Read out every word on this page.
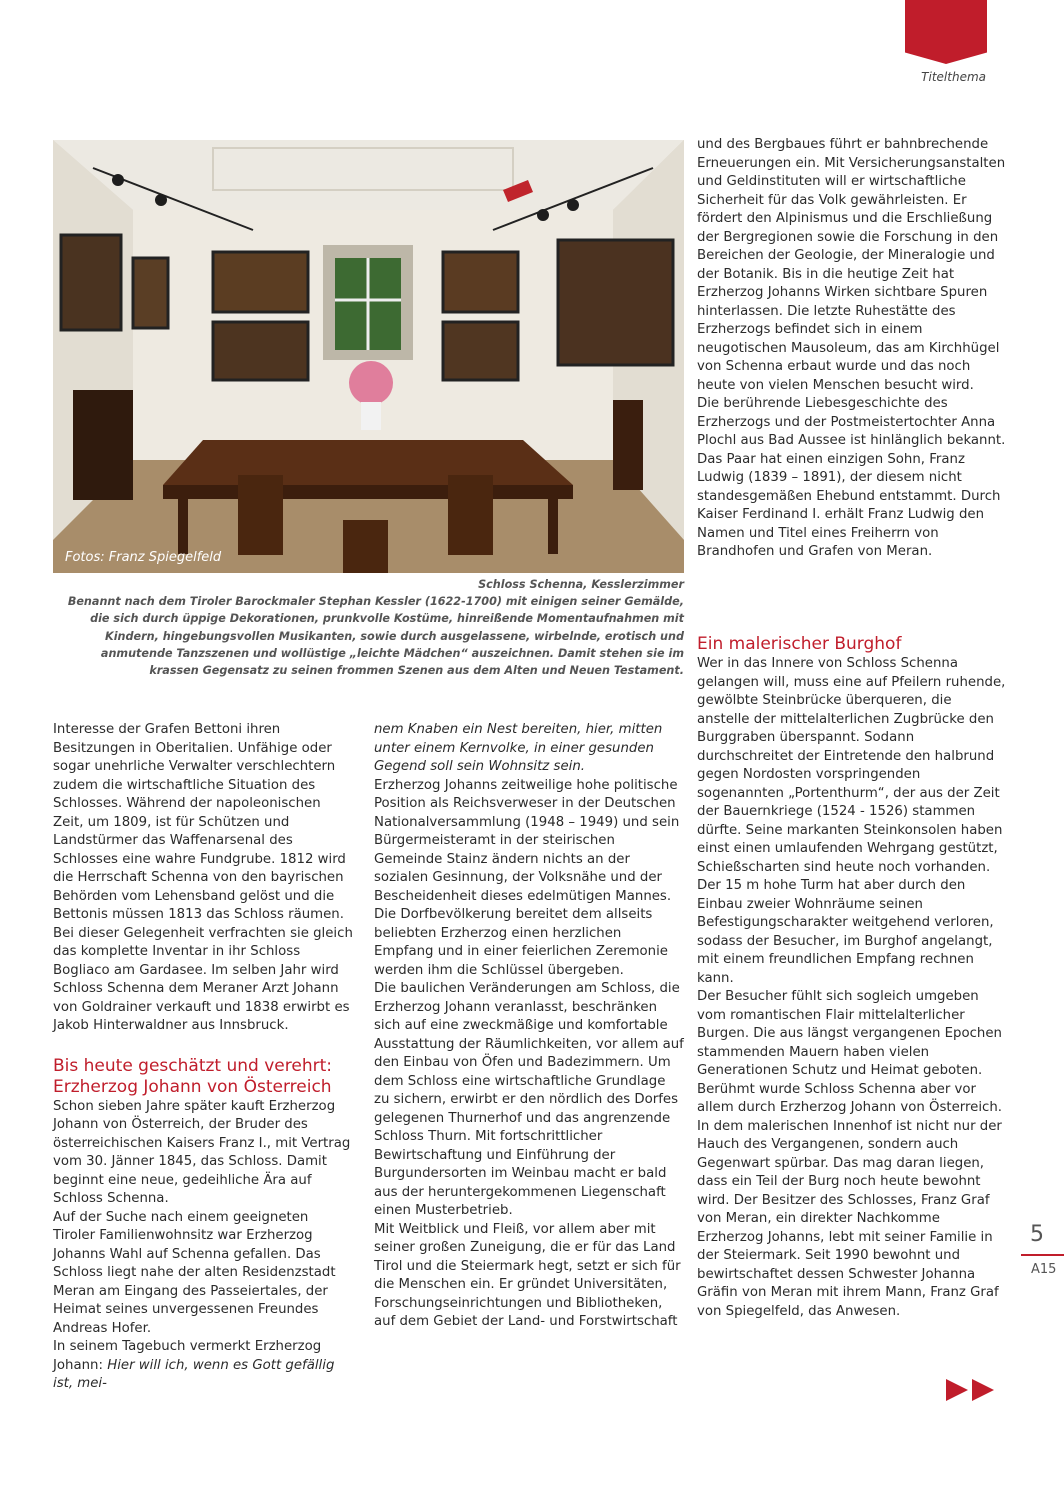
Titelthema
Fotos: Franz Spiegelfeld

Schloss Schenna, Kesslerzimmer

Benannt nach dem Tiroler Barockmaler Stephan Kessler (1622-1700) mit einigen seiner Gemälde, die sich durch üppige Dekorationen, prunkvolle Kostüme, hinreißende Momentaufnahmen mit Kindern, hingebungsvollen Musikanten, sowie durch ausgelassene, wirbelnde, erotisch und anmutende Tanzszenen und wollüstige „leichte Mädchen“ auszeichnen. Damit stehen sie im krassen Gegensatz zu seinen frommen Szenen aus dem Alten und Neuen Testament.

Interesse der Grafen Bettoni ihren Besitzungen in Oberitalien. Unfähige oder sogar unehrliche Verwalter verschlechtern zudem die wirtschaftliche Situation des Schlosses. Während der napoleonischen Zeit, um 1809, ist für Schützen und Landstürmer das Waffenarsenal des Schlosses eine wahre Fundgrube. 1812 wird die Herrschaft Schenna von den bayrischen Behörden vom Lehensband gelöst und die Bettonis müssen 1813 das Schloss räumen. Bei dieser Gelegenheit verfrachten sie gleich das komplette Inventar in ihr Schloss Bogliaco am Gardasee. Im selben Jahr wird Schloss Schenna dem Meraner Arzt Johann von Goldrainer verkauft und 1838 erwirbt es Jakob Hinterwaldner aus Innsbruck.

Bis heute geschätzt und verehrt: Erzherzog Johann von Österreich

Schon sieben Jahre später kauft Erzherzog Johann von Österreich, der Bruder des österreichischen Kaisers Franz I., mit Vertrag vom 30. Jänner 1845, das Schloss. Damit beginnt eine neue, gedeihliche Ära auf Schloss Schenna.

Auf der Suche nach einem geeigneten Tiroler Familienwohnsitz war Erzherzog Johanns Wahl auf Schenna gefallen. Das Schloss liegt nahe der alten Residenzstadt Meran am Eingang des Passeiertales, der Heimat seines unvergessenen Freundes Andreas Hofer.

In seinem Tagebuch vermerkt Erzherzog Johann: Hier will ich, wenn es Gott gefällig ist, mei-

nem Knaben ein Nest bereiten, hier, mitten unter einem Kernvolke, in einer gesunden Gegend soll sein Wohnsitz sein.

Erzherzog Johanns zeitweilige hohe politische Position als Reichsverweser in der Deutschen Nationalversammlung (1948 – 1949) und sein Bürgermeisteramt in der steirischen Gemeinde Stainz ändern nichts an der sozialen Gesinnung, der Volksnähe und der Bescheidenheit dieses edelmütigen Mannes. Die Dorfbevölkerung bereitet dem allseits beliebten Erzherzog einen herzlichen Empfang und in einer feierlichen Zeremonie werden ihm die Schlüssel übergeben.

Die baulichen Veränderungen am Schloss, die Erzherzog Johann veranlasst, beschränken sich auf eine zweckmäßige und komfortable Ausstattung der Räumlichkeiten, vor allem auf den Einbau von Öfen und Badezimmern. Um dem Schloss eine wirtschaftliche Grundlage zu sichern, erwirbt er den nördlich des Dorfes gelegenen Thurnerhof und das angrenzende Schloss Thurn. Mit fortschrittlicher Bewirtschaftung und Einführung der Burgundersorten im Weinbau macht er bald aus der heruntergekommenen Liegenschaft einen Musterbetrieb.

Mit Weitblick und Fleiß, vor allem aber mit seiner großen Zuneigung, die er für das Land Tirol und die Steiermark hegt, setzt er sich für die Menschen ein. Er gründet Universitäten, Forschungseinrichtungen und Bibliotheken, auf dem Gebiet der Land- und Forstwirtschaft

und des Bergbaues führt er bahnbrechende Erneuerungen ein. Mit Versicherungsanstalten und Geldinstituten will er wirtschaftliche Sicherheit für das Volk gewährleisten. Er fördert den Alpinismus und die Erschließung der Bergregionen sowie die Forschung in den Bereichen der Geologie, der Mineralogie und der Botanik. Bis in die heutige Zeit hat Erzherzog Johanns Wirken sichtbare Spuren hinterlassen. Die letzte Ruhestätte des Erzherzogs befindet sich in einem neugotischen Mausoleum, das am Kirchhügel von Schenna erbaut wurde und das noch heute von vielen Menschen besucht wird.

Die berührende Liebesgeschichte des Erzherzogs und der Postmeistertochter Anna Plochl aus Bad Aussee ist hinlänglich bekannt. Das Paar hat einen einzigen Sohn, Franz Ludwig (1839 – 1891), der diesem nicht standesgemäßen Ehebund entstammt. Durch Kaiser Ferdinand I. erhält Franz Ludwig den Namen und Titel eines Freiherrn von Brandhofen und Grafen von Meran.

Ein malerischer Burghof

Wer in das Innere von Schloss Schenna gelangen will, muss eine auf Pfeilern ruhende, gewölbte Steinbrücke überqueren, die anstelle der mittelalterlichen Zugbrücke den Burggraben überspannt. Sodann durchschreitet der Eintretende den halbrund gegen Nordosten vorspringenden sogenannten „Portenthurm“, der aus der Zeit der Bauernkriege (1524 - 1526) stammen dürfte. Seine markanten Steinkonsolen haben einst einen umlaufenden Wehrgang gestützt, Schießscharten sind heute noch vorhanden. Der 15 m hohe Turm hat aber durch den Einbau zweier Wohnräume seinen Befestigungscharakter weitgehend verloren, sodass der Besucher, im Burghof angelangt, mit einem freundlichen Empfang rechnen kann.

Der Besucher fühlt sich sogleich umgeben vom romantischen Flair mittelalterlicher Burgen. Die aus längst vergangenen Epochen stammenden Mauern haben vielen Generationen Schutz und Heimat geboten. Berühmt wurde Schloss Schenna aber vor allem durch Erzherzog Johann von Österreich.

In dem malerischen Innenhof ist nicht nur der Hauch des Vergangenen, sondern auch Gegenwart spürbar. Das mag daran liegen, dass ein Teil der Burg noch heute bewohnt wird. Der Besitzer des Schlosses, Franz Graf von Meran, ein direkter Nachkomme Erzherzog Johanns, lebt mit seiner Familie in der Steiermark. Seit 1990 bewohnt und bewirtschaftet dessen Schwester Johanna Gräfin von Meran mit ihrem Mann, Franz Graf von Spiegelfeld, das Anwesen.

5
A15
